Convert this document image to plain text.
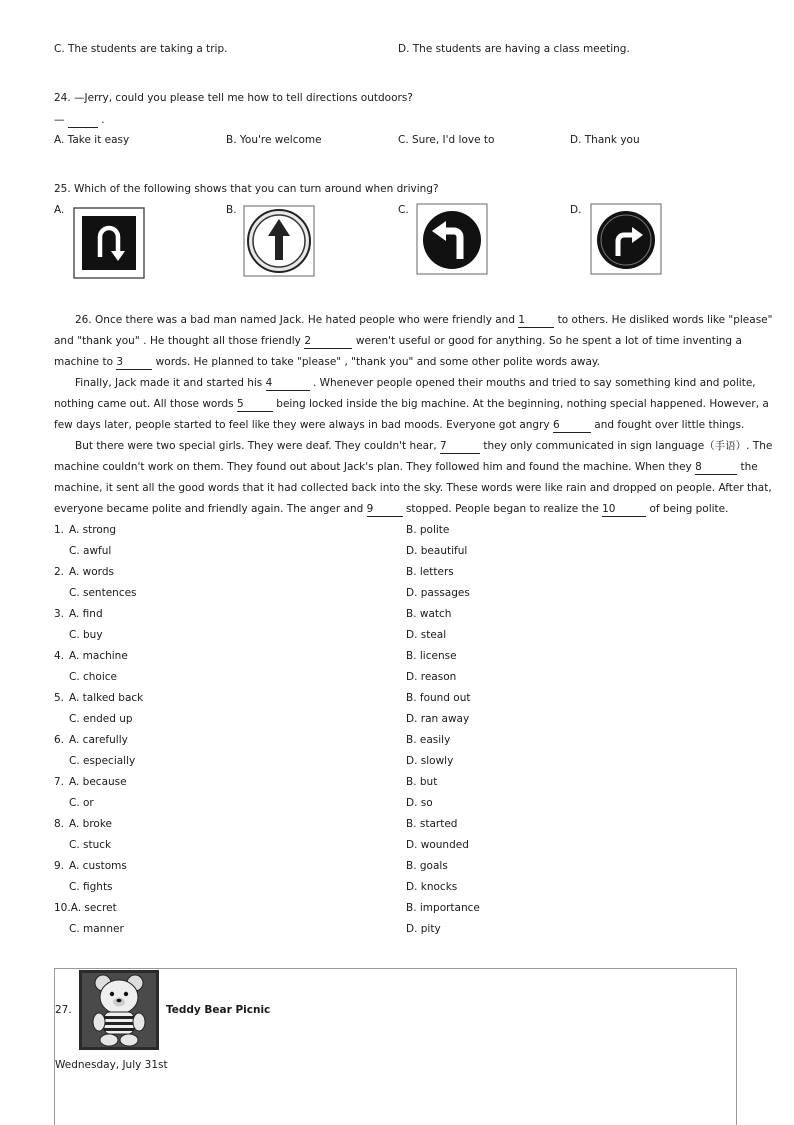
C. The students are taking a trip.	D. The students are having a class meeting.
24. —Jerry, could you please tell me how to tell directions outdoors?
—	.
A. Take it easy	B. You're welcome	C. Sure, I'd love to	D. Thank you
25. Which of the following shows that you can turn around when driving?
A.	B.	C.	D.
26. Once there was a bad man named Jack. He hated people who were friendly and 1	to others. He disliked words like "please"
and "thank you" . He thought all those friendly 2	weren't useful or good for anything. So he spent a lot of time inventing a
machine to 3	words. He planned to take "please" , "thank you" and some other polite words away.
Finally, Jack made it and started his 4	. Whenever people opened their mouths and tried to say something kind and polite,
nothing came out. All those words 5	being locked inside the big machine. At the beginning, nothing special happened. However, a
few days later, people started to feel like they were always in bad moods. Everyone got angry 6	and fought over little things.
But there were two special girls. They were deaf. They couldn't hear, 7	they only communicated in sign language（手语）. The
machine couldn't work on them. They found out about Jack's plan. They followed him and found the machine. When they 8	the
machine, it sent all the good words that it had collected back into the sky. These words were like rain and dropped on people. After that,
everyone became polite and friendly again. The anger and 9	stopped. People began to realize the 10	of being polite.
1. A. strong	B. polite
C. awful	D. beautiful
2. A. words	B. letters
C. sentences	D. passages
3. A. find	B. watch
C. buy	D. steal
4. A. machine	B. license
C. choice	D. reason
5. A. talked back	B. found out
C. ended up	D. ran away
6. A. carefully	B. easily
C. especially	D. slowly
7. A. because	B. but
C. or	D. so
8. A. broke	B. started
C. stuck	D. wounded
9. A. customs	B. goals
C. fights	D. knocks
10.A. secret	B. importance
C. manner	D. pity
27.	Teddy Bear Picnic
Wednesday, July 31st
